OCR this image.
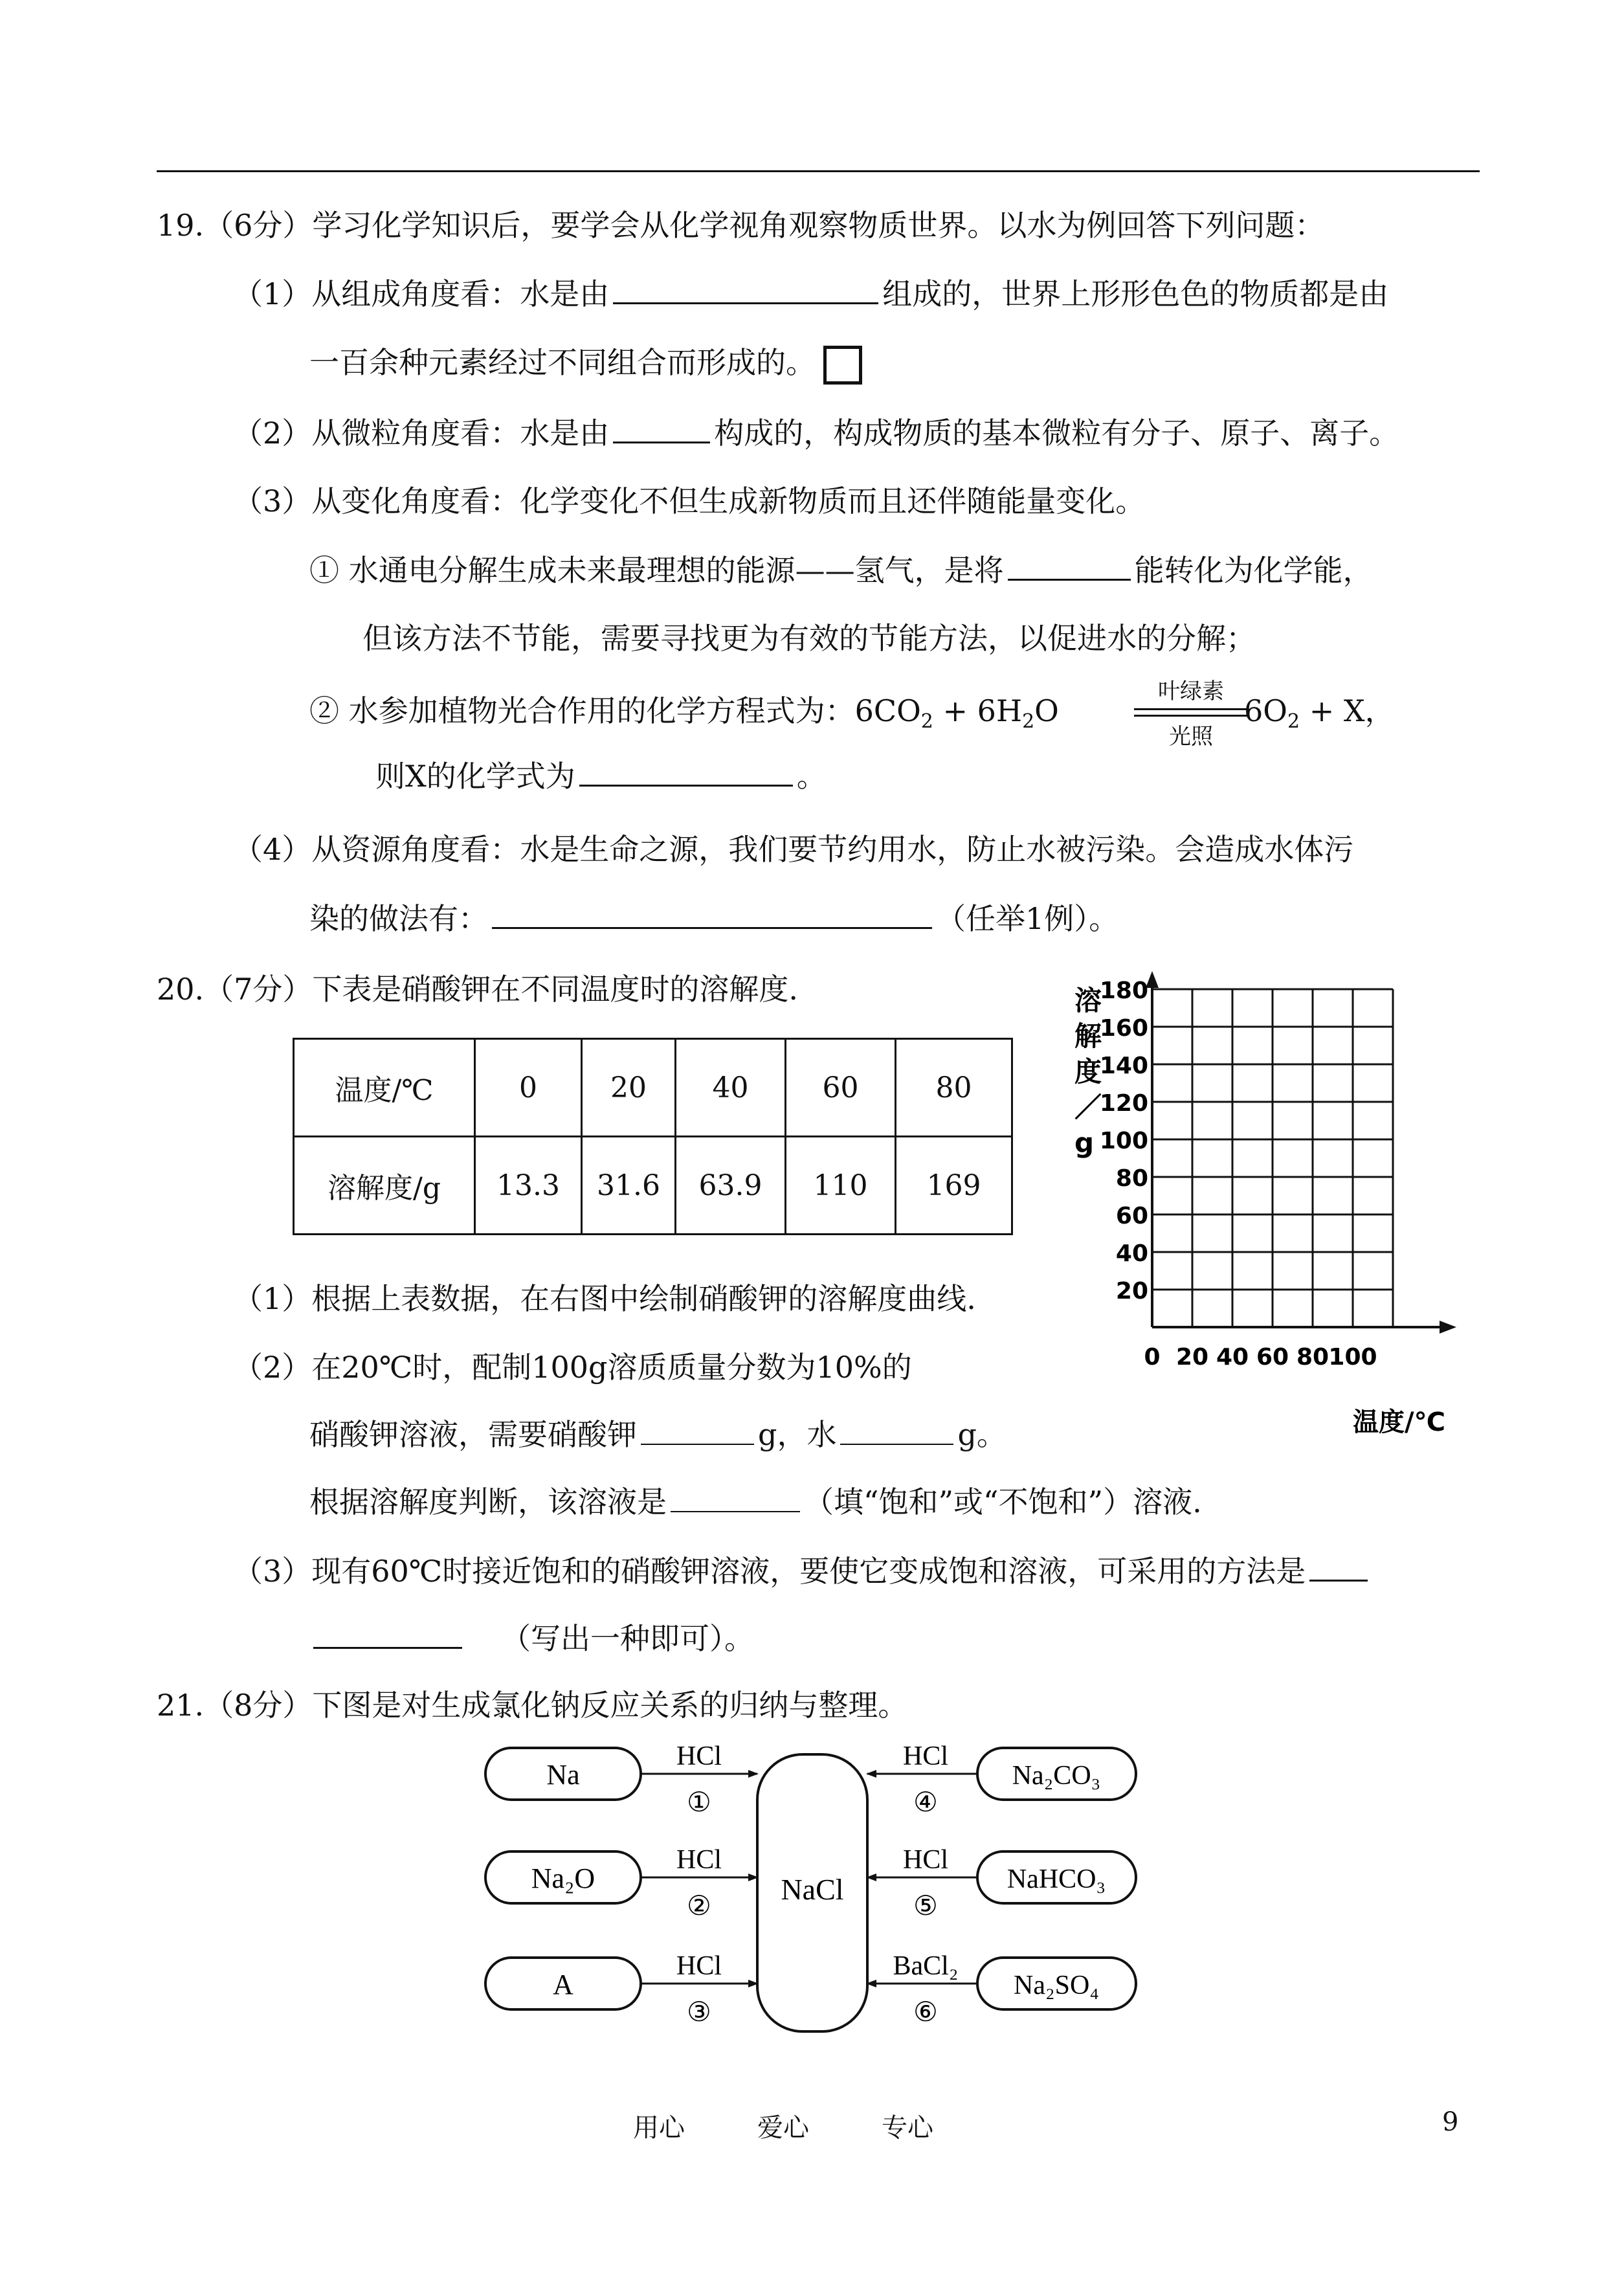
19.（6分）学习化学知识后，要学会从化学视角观察物质世界。以水为例回答下列问题：
（1）从组成角度看：水是由	组成的，世界上形形色色的物质都是由
一百余种元素经过不同组合而形成的。
（2）从微粒角度看：水是由	构成的，构成物质的基本微粒有分子、原子、离子。
（3）从变化角度看：化学变化不但生成新物质而且还伴随能量变化。
① 水通电分解生成未来最理想的能源——氢气，是将	能转化为化学能，
但该方法不节能，需要寻找更为有效的节能方法，以促进水的分解；
② 水参加植物光合作用的化学方程式为：$6CO_2 + 6H_2O$
叶绿素
光照
$6O_2 + X$，
则X的化学式为	。
（4）从资源角度看：水是生命之源，我们要节约用水，防止水被污染。会造成水体污
染的做法有：	（任举1例）。
20.（7分）下表是硝酸钾在不同温度时的溶解度.
温度/℃	0	20	40	60	80
溶解度/g	13.3	31.6	63.9	110	169
溶
解
度
／
g
180
160
140
120
100
80
60
40
20
0 20 40 60 80 100
温度/℃
（1）根据上表数据，在右图中绘制硝酸钾的溶解度曲线.
（2）在20℃时，配制100g溶质质量分数为10%的
硝酸钾溶液，需要硝酸钾	g，水	g。
根据溶解度判断，该溶液是	（填“饱和”或“不饱和”）溶液.
（3）现有60℃时接近饱和的硝酸钾溶液，要使它变成饱和溶液，可采用的方法是
（写出一种即可）。
21.（8分）下图是对生成氯化钠反应关系的归纳与整理。
NaCl
Na
HCl
①
Na₂O
HCl
②
A
HCl
③
Na₂CO₃
HCl
④
NaHCO₃
HCl
⑤
Na₂SO₄
BaCl₂
⑥
用心	爱心	专心	9
